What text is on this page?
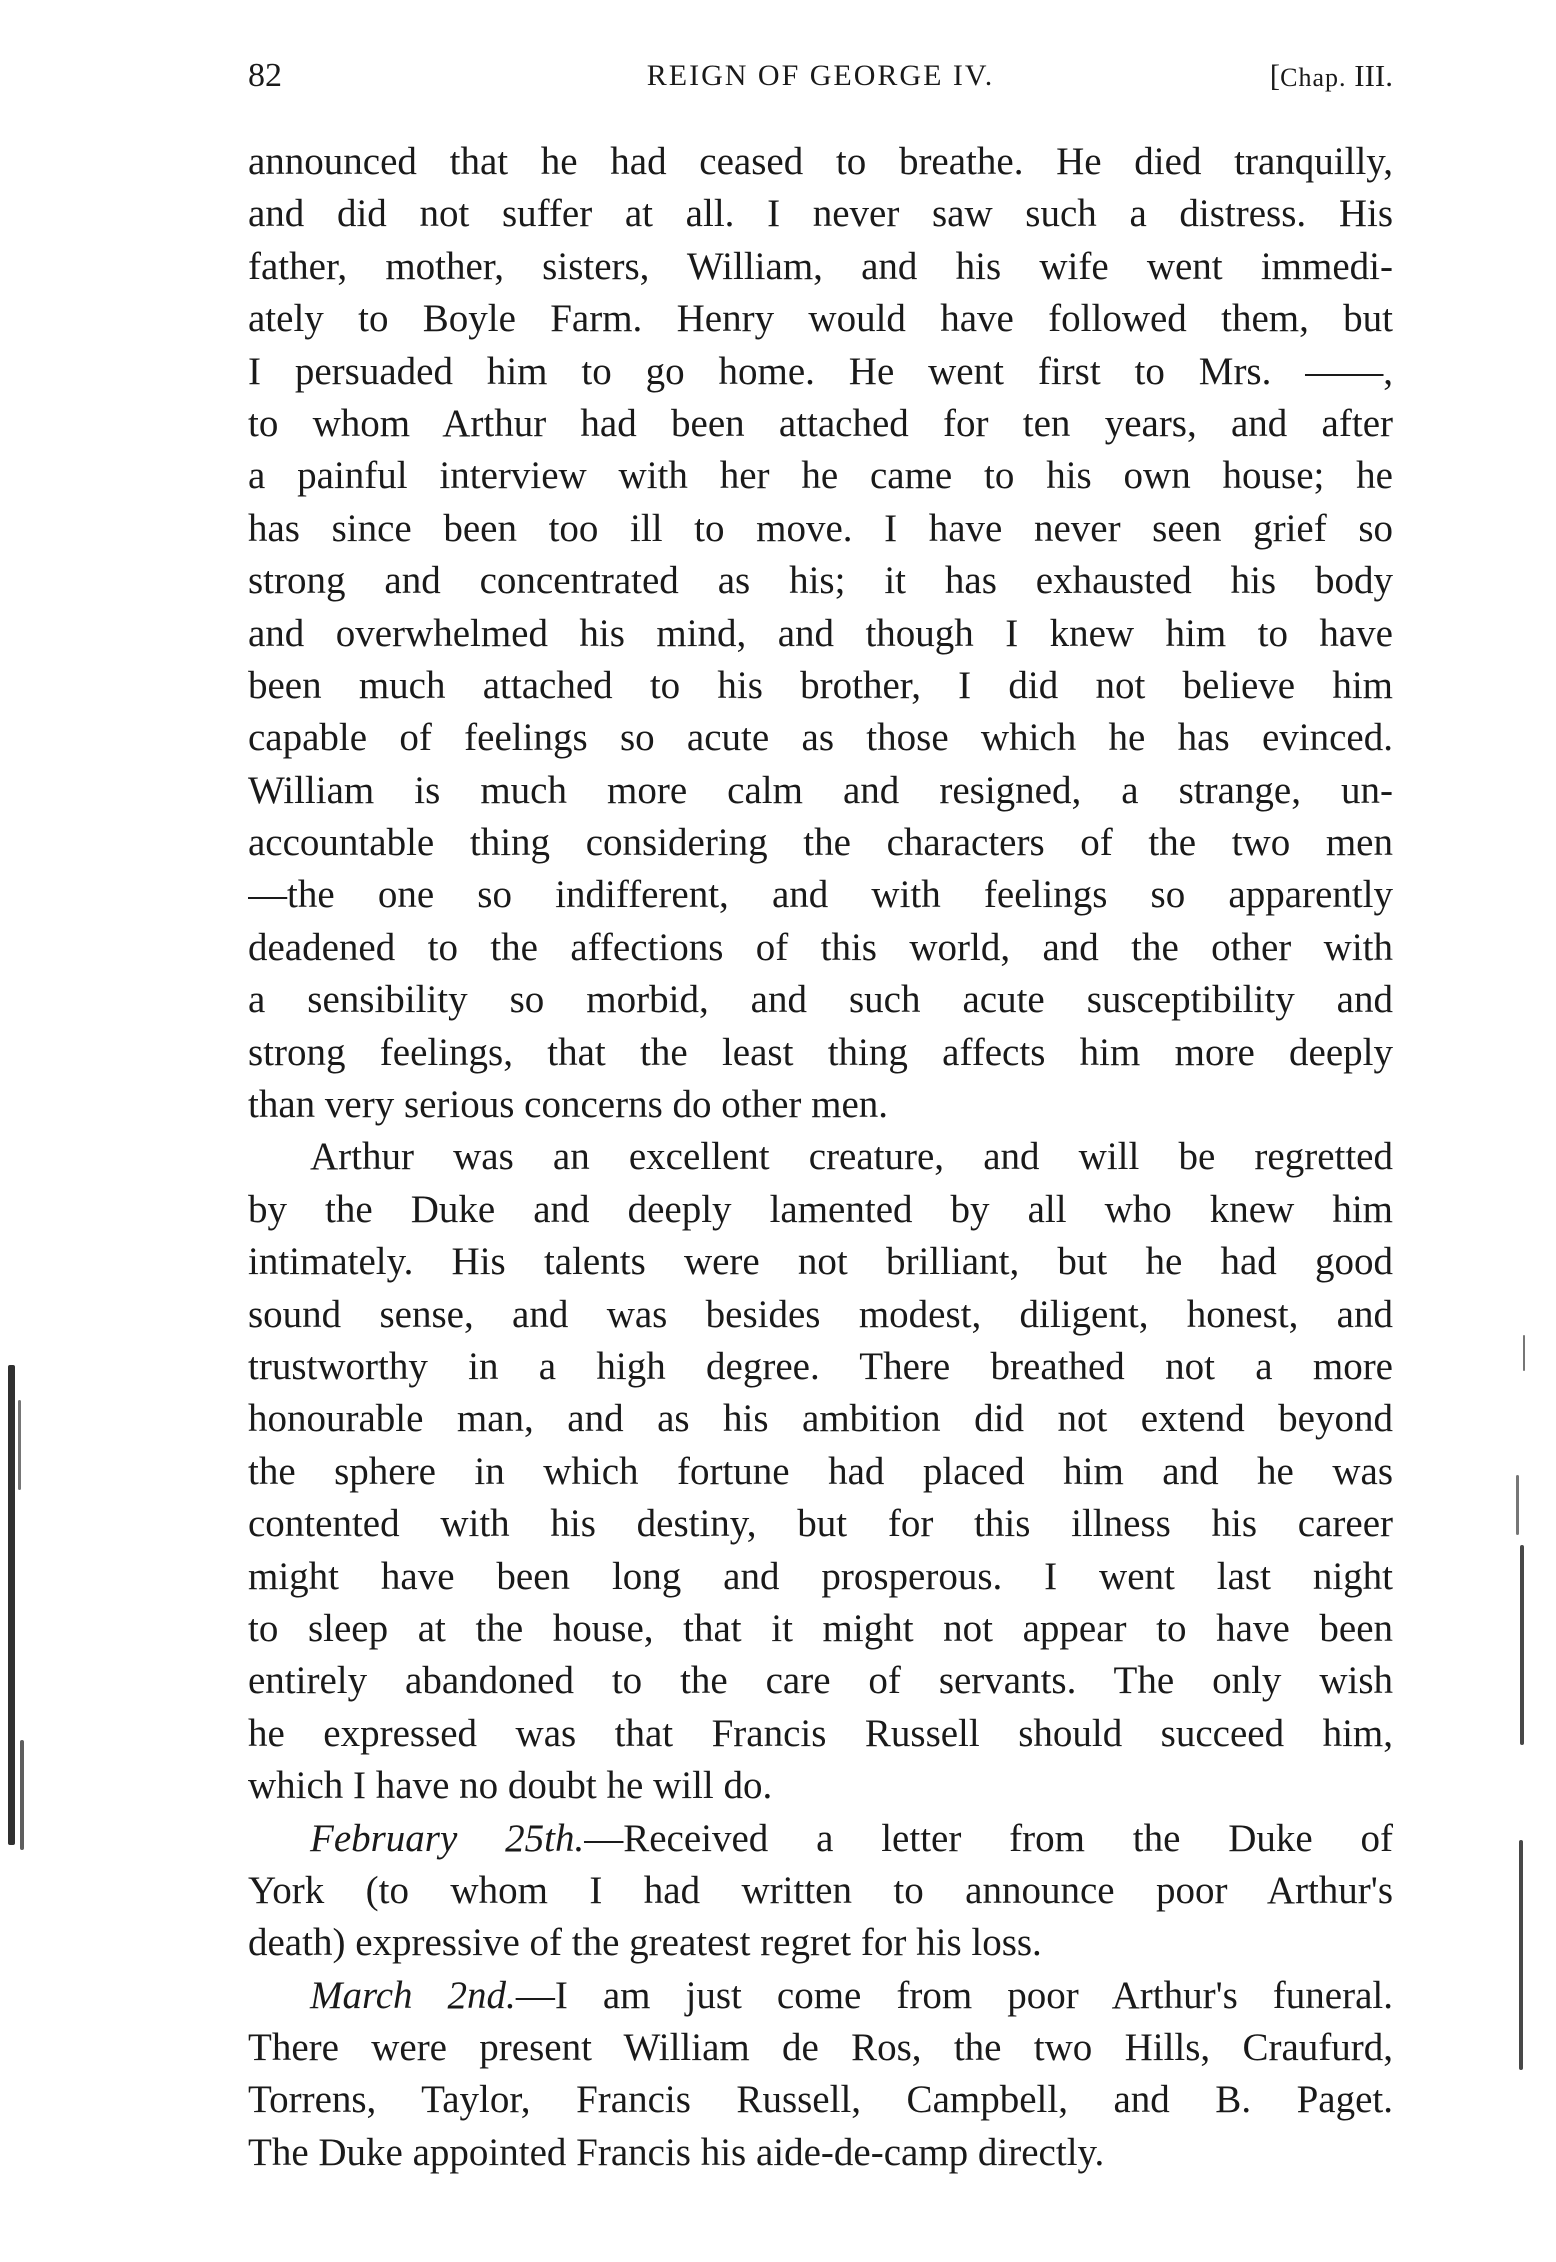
82	REIGN OF GEORGE IV.	[Chap. III.
announced that he had ceased to breathe. He died tranquilly,
and did not suffer at all. I never saw such a distress. His
father, mother, sisters, William, and his wife went immedi-
ately to Boyle Farm. Henry would have followed them, but
I persuaded him to go home. He went first to Mrs. ——,
to whom Arthur had been attached for ten years, and after
a painful interview with her he came to his own house; he
has since been too ill to move. I have never seen grief so
strong and concentrated as his; it has exhausted his body
and overwhelmed his mind, and though I knew him to have
been much attached to his brother, I did not believe him
capable of feelings so acute as those which he has evinced.
William is much more calm and resigned, a strange, un-
accountable thing considering the characters of the two men
—the one so indifferent, and with feelings so apparently
deadened to the affections of this world, and the other with
a sensibility so morbid, and such acute susceptibility and
strong feelings, that the least thing affects him more deeply
than very serious concerns do other men.
Arthur was an excellent creature, and will be regretted
by the Duke and deeply lamented by all who knew him
intimately. His talents were not brilliant, but he had good
sound sense, and was besides modest, diligent, honest, and
trustworthy in a high degree. There breathed not a more
honourable man, and as his ambition did not extend beyond
the sphere in which fortune had placed him and he was
contented with his destiny, but for this illness his career
might have been long and prosperous. I went last night
to sleep at the house, that it might not appear to have been
entirely abandoned to the care of servants. The only wish
he expressed was that Francis Russell should succeed him,
which I have no doubt he will do.
February 25th.—Received a letter from the Duke of
York (to whom I had written to announce poor Arthur's
death) expressive of the greatest regret for his loss.
March 2nd.—I am just come from poor Arthur's funeral.
There were present William de Ros, the two Hills, Craufurd,
Torrens, Taylor, Francis Russell, Campbell, and B. Paget.
The Duke appointed Francis his aide-de-camp directly.
